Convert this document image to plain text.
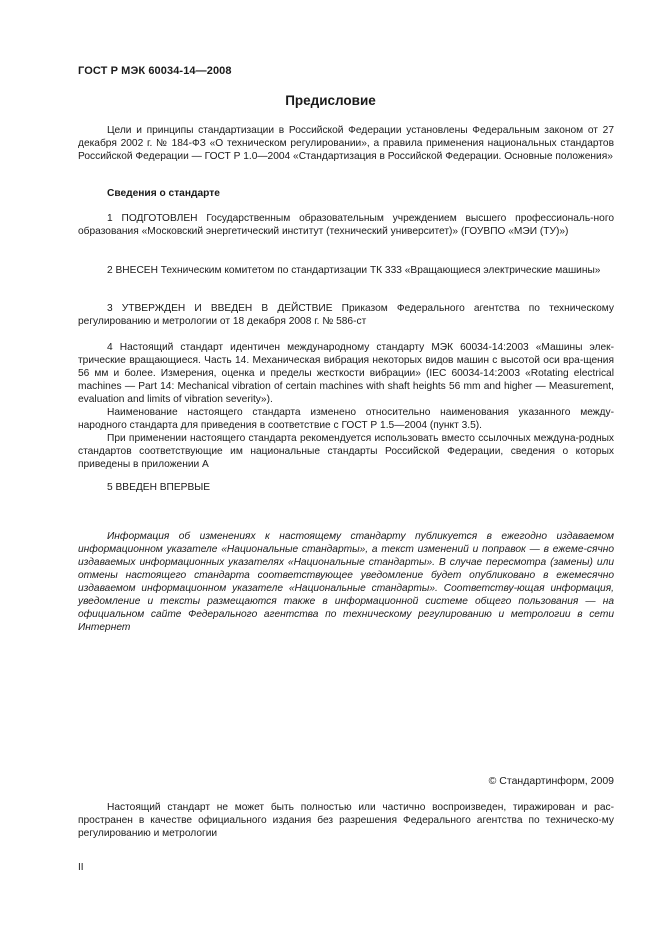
ГОСТ Р МЭК 60034-14—2008
Предисловие

Цели и принципы стандартизации в Российской Федерации установлены Федеральным законом от 27 декабря 2002 г. № 184-ФЗ «О техническом регулировании», а правила применения национальных стандартов Российской Федерации — ГОСТ Р 1.0—2004 «Стандартизация в Российской Федерации. Основные положения»

Сведения о стандарте

1 ПОДГОТОВЛЕН Государственным образовательным учреждением высшего профессиональ-ного образования «Московский энергетический институт (технический университет)» (ГОУВПО «МЭИ (ТУ)»)

2 ВНЕСЕН Техническим комитетом по стандартизации ТК 333 «Вращающиеся электрические машины»

3 УТВЕРЖДЕН И ВВЕДЕН В ДЕЙСТВИЕ Приказом Федерального агентства по техническому регулированию и метрологии от 18 декабря 2008 г. № 586-ст

4 Настоящий стандарт идентичен международному стандарту МЭК 60034-14:2003 «Машины элек-трические вращающиеся. Часть 14. Механическая вибрация некоторых видов машин с высотой оси вра-щения 56 мм и более. Измерения, оценка и пределы жесткости вибрации» (IEC 60034-14:2003 «Rotating electrical machines — Part 14: Mechanical vibration of certain machines with shaft heights 56 mm and higher — Measurement, evaluation and limits of vibration severity»).

Наименование настоящего стандарта изменено относительно наименования указанного между-народного стандарта для приведения в соответствие с ГОСТ Р 1.5—2004 (пункт 3.5).

При применении настоящего стандарта рекомендуется использовать вместо ссылочных междуна-родных стандартов соответствующие им национальные стандарты Российской Федерации, сведения о которых приведены в приложении А

5 ВВЕДЕН ВПЕРВЫЕ

Информация об изменениях к настоящему стандарту публикуется в ежегодно издаваемом информационном указателе «Национальные стандарты», а текст изменений и поправок — в ежеме-сячно издаваемых информационных указателях «Национальные стандарты». В случае пересмотра (замены) или отмены настоящего стандарта соответствующее уведомление будет опубликовано в ежемесячно издаваемом информационном указателе «Национальные стандарты». Соответству-ющая информация, уведомление и тексты размещаются также в информационной системе общего пользования — на официальном сайте Федерального агентства по техническому регулированию и метрологии в сети Интернет

© Стандартинформ, 2009

Настоящий стандарт не может быть полностью или частично воспроизведен, тиражирован и рас-пространен в качестве официального издания без разрешения Федерального агентства по техническо-му регулированию и метрологии

II
